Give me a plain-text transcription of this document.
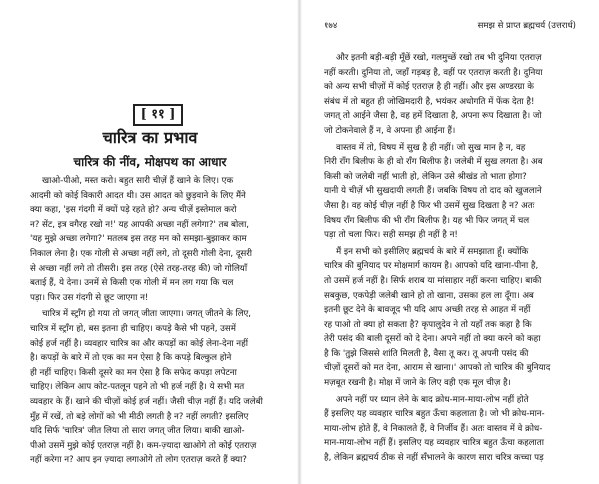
[ ११ ]
चारित्र का प्रभाव
चारित्र की नींव, मोक्षपथ का आधार
खाओ-पीओ, मस्त करो। बहुत सारी चीज़ें हैं खाने के लिए। एक
आदमी को कोई विकारी आदत थी। उस आदत को छुड़वाने के लिए मैंने
क्या कहा, 'इस गंदगी में क्यों पड़े रहते हो? अन्य चीज़ें इस्तेमाल करो
न? सेंट, इत्र वगैरह रखो न!' यह आपकी अच्छा नहीं लगेगा?' तब बोला,
'यह मुझे अच्छा लगेगा?' मतलब इस तरह मन को समझा-बुझाकर काम
निकाल लेना है। एक गोली से अच्छा नहीं लगे, तो दूसरी गोली देना, दूसरी
से अच्छा नहीं लगे तो तीसरी। इस तरह (ऐसे तरह-तरह की) जो गोलियाँ
बताई हैं, ये देना। उनमें से किसी एक गोली में मन लग गया कि चल
पड़ा। फिर उस गंदगी से छूट जाएगा न!
चारित्र में स्ट्रॉंग हो गया तो जगत् जीता जाएगा। जगत् जीतने के लिए,
चारित्र में स्ट्रॉंग हो, बस इतना ही चाहिए। कपड़े कैसे भी पहने, उसमें
कोई हर्ज नहीं है। व्यवहार चारित्र का और कपड़ों का कोई लेना-देना नहीं
है। कपड़ों के बारे में तो एक का मन ऐसा है कि कपड़े बिल्कुल होने
ही नहीं चाहिए। किसी दूसरे का मन ऐसा है कि सफेद कपड़ा लपेटना
चाहिए। लेकिन आप कोट-पतलून पहने तो भी हर्ज नहीं है। ये सभी मत
व्यवहार के हैं। खाने की चीज़ों कोई हर्ज नहीं। जैसी चीज़ नहीं हैं। यदि जलेबी
मुँह में रखें, तो बड़े लोगों को भी मीठी लगती है न? नहीं लगती? इसलिए
यदि सिर्फ 'चारित्र' जीत लिया तो सारा जगत् जीत लिया। बाकी खाओ-
पीओ उसमें मुझे कोई एतराज़ नहीं है। कम-ज़्यादा खाओगे तो कोई एतराज़
नहीं करेगा न? आप इन ज़्यादा लगाओगे तो लोग एतराज़ करते हैं क्या?
१७४	समझ से प्राप्त ब्रह्मचर्य (उत्तरार्ध)
और इतनी बड़ी-बड़ी मूँछें रखो, गलमुच्छें रखो तब भी दुनिया एतराज़
नहीं करती। दुनिया तो, जहाँ गड़बड़ है, वहीं पर एतराज़ करती है। दुनिया
को अन्य सभी चीज़ों में कोई एतराज़ है ही नहीं। और इस अण्डरग्रा के
संबंध में तो बहुत ही जोखिमदारी है, भयंकर अधोगति में फेंक देता है!
जगत् तो आईने जैसा है, वह हमें दिखाता है, अपना रूप दिखाता है। जो
जो टोकनेवाले हैं न, वे अपना ही आईना हैं।
वास्तव में तो, विषय में सुख है ही नहीं। जो सुख मान है न, वह
निरी रॉंग बिलीफ के ही वो रॉंग बिलीफ है। जलेबी में सुख लगता है। अब
किसी को जलेबी नहीं भाती हो, लेकिन उसे श्रीखंड तो भाता होगा?
यानी ये चीज़ें भी सुखदायी लगती हैं। जबकि विषय तो दाद को खुजलाने
जैसा है। वह कोई चीज़ नहीं है फिर भी उसमें सुख दिखता है न? अतः
विषय रॉंग बिलीफ की भी रॉंग बिलीफ है। यह भी फिर जगत् में चल
पड़ा तो चला फिर। सही समझ ही नहीं है न!
मैं इन सभी को इसीलिए ब्रह्मचर्य के बारे में समझाता हूँ। क्योंकि
चारित्र की बुनियाद पर मोक्षमार्ग कायम है। आपको यदि खाना-पीना है,
तो उसमें हर्ज नहीं है। सिर्फ शराब या मांसाहार नहीं करना चाहिए। बाकी
सबकुछ, एकपेड़ी जलेबी खाने हो तो खाना, उसका हल ला दूँगा। अब
इतनी छूट देने के बावजूद भी यदि आप अच्छी तरह से आहत में नहीं
रह पाओ तो क्या हो सकता है? कृपालुदेव ने तो यहाँ तक कहा है कि
तेरी पसंद की बाली दूसरों को दे देना। अपने नहीं तो क्या करने को कहा
है कि 'तुझे जिससे शांति मिलती है, वैसा तू कर। तू अपनी पसंद की
चीज़ों दूसरों को मत देना, आराम से खाना।' आपको तो चारित्र की बुनियाद
मज़बूत रखनी है। मोक्ष में जाने के लिए वही एक मूल चीज़ है।
अपने नहीं पर ध्यान लेने के बाद क्रोध-मान-माया-लोभ नहीं होते
हैं इसलिए यह व्यवहार चारित्र बहुत ऊँचा कहलाता है। जो भी क्रोध-मान-
माया-लोभ होते हैं, वे निकालते हैं, वे निर्जीव हैं। अतः वास्तव में वे क्रोध-
मान-माया-लोभ नहीं हैं। इसलिए यह व्यवहार चारित्र बहुत ऊँचा कहलाता
है, लेकिन ब्रह्मचर्य ठीक से नहीं सँभालने के कारण सारा चरित्र कच्चा पड़
